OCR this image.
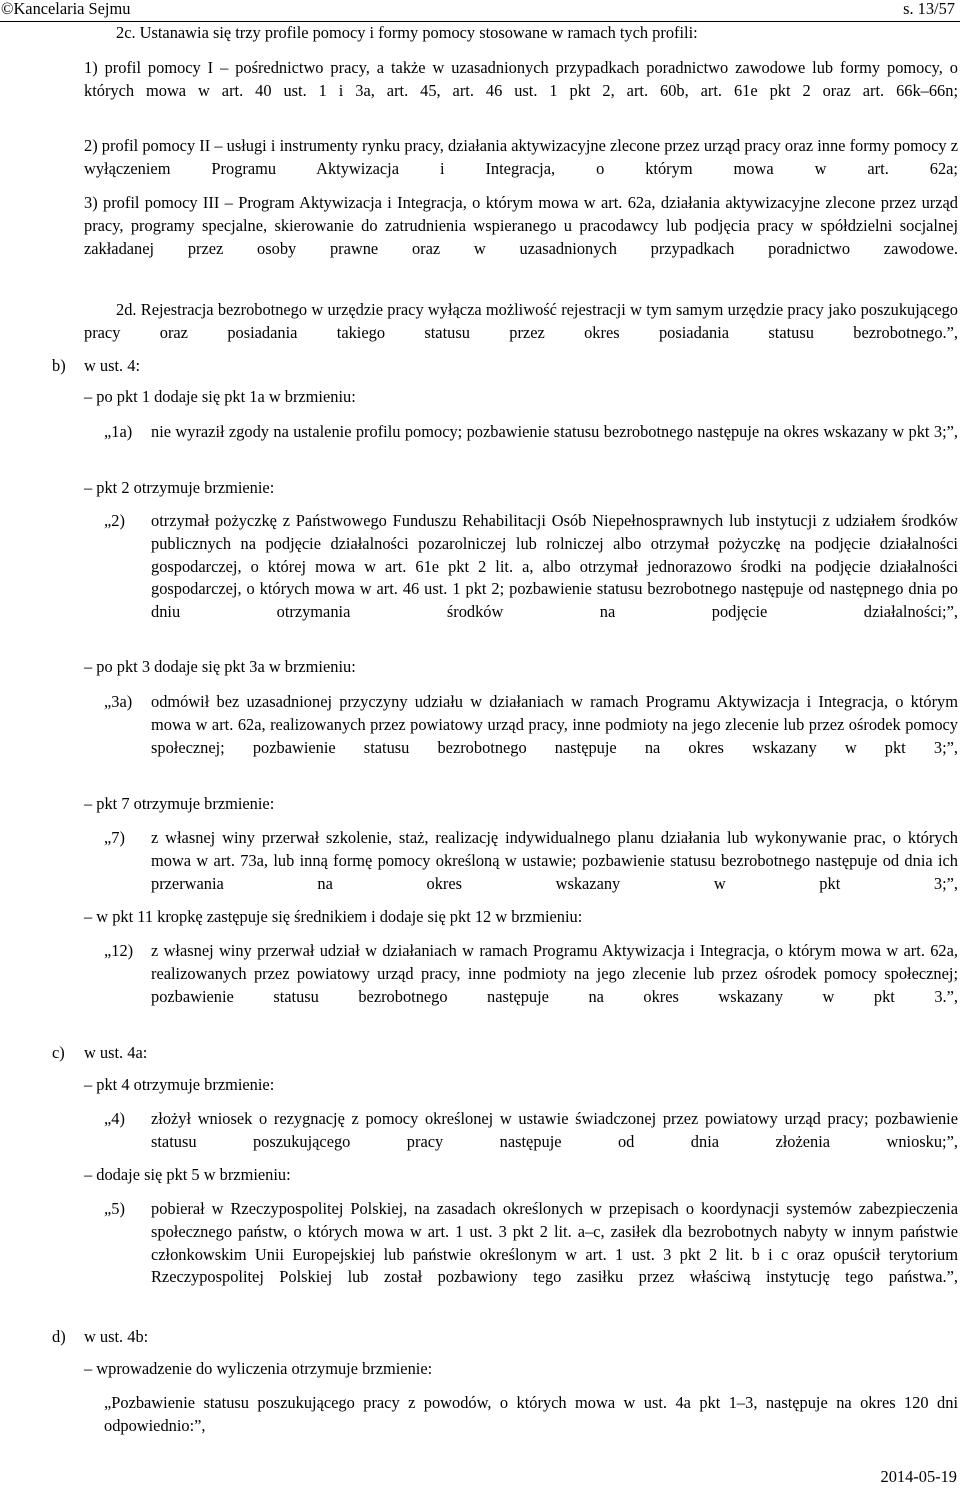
©Kancelaria Sejmu	s. 13/57

2c. Ustanawia się trzy profile pomocy i formy pomocy stosowane w ramach tych profili:

1) profil pomocy I – pośrednictwo pracy, a także w uzasadnionych przypadkach poradnictwo zawodowe lub formy pomocy, o których mowa w art. 40 ust. 1 i 3a, art. 45, art. 46 ust. 1 pkt 2, art. 60b, art. 61e pkt 2 oraz art. 66k–66n;

2) profil pomocy II – usługi i instrumenty rynku pracy, działania aktywizacyjne zlecone przez urząd pracy oraz inne formy pomocy z wyłączeniem Programu Aktywizacja i Integracja, o którym mowa w art. 62a;

3) profil pomocy III – Program Aktywizacja i Integracja, o którym mowa w art. 62a, działania aktywizacyjne zlecone przez urząd pracy, programy specjalne, skierowanie do zatrudnienia wspieranego u pracodawcy lub podjęcia pracy w spółdzielni socjalnej zakładanej przez osoby prawne oraz w uzasadnionych przypadkach poradnictwo zawodowe.

2d. Rejestracja bezrobotnego w urzędzie pracy wyłącza możliwość rejestracji w tym samym urzędzie pracy jako poszukującego pracy oraz posiadania takiego statusu przez okres posiadania statusu bezrobotnego.”,

b) w ust. 4:
– po pkt 1 dodaje się pkt 1a w brzmieniu:
„1a) nie wyraził zgody na ustalenie profilu pomocy; pozbawienie statusu bezrobotnego następuje na okres wskazany w pkt 3;”,

– pkt 2 otrzymuje brzmienie:
„2) otrzymał pożyczkę z Państwowego Funduszu Rehabilitacji Osób Niepełnosprawnych lub instytucji z udziałem środków publicznych na podjęcie działalności pozarolniczej lub rolniczej albo otrzymał pożyczkę na podjęcie działalności gospodarczej, o której mowa w art. 61e pkt 2 lit. a, albo otrzymał jednorazowo środki na podjęcie działalności gospodarczej, o których mowa w art. 46 ust. 1 pkt 2; pozbawienie statusu bezrobotnego następuje od następnego dnia po dniu otrzymania środków na podjęcie działalności;”,

– po pkt 3 dodaje się pkt 3a w brzmieniu:
„3a) odmówił bez uzasadnionej przyczyny udziału w działaniach w ramach Programu Aktywizacja i Integracja, o którym mowa w art. 62a, realizowanych przez powiatowy urząd pracy, inne podmioty na jego zlecenie lub przez ośrodek pomocy społecznej; pozbawienie statusu bezrobotnego następuje na okres wskazany w pkt 3;”,

– pkt 7 otrzymuje brzmienie:
„7) z własnej winy przerwał szkolenie, staż, realizację indywidualnego planu działania lub wykonywanie prac, o których mowa w art. 73a, lub inną formę pomocy określoną w ustawie; pozbawienie statusu bezrobotnego następuje od dnia ich przerwania na okres wskazany w pkt 3;”,

– w pkt 11 kropkę zastępuje się średnikiem i dodaje się pkt 12 w brzmieniu:
„12) z własnej winy przerwał udział w działaniach w ramach Programu Aktywizacja i Integracja, o którym mowa w art. 62a, realizowanych przez powiatowy urząd pracy, inne podmioty na jego zlecenie lub przez ośrodek pomocy społecznej; pozbawienie statusu bezrobotnego następuje na okres wskazany w pkt 3.”,

c) w ust. 4a:
– pkt 4 otrzymuje brzmienie:
„4) złożył wniosek o rezygnację z pomocy określonej w ustawie świadczonej przez powiatowy urząd pracy; pozbawienie statusu poszukującego pracy następuje od dnia złożenia wniosku;”,

– dodaje się pkt 5 w brzmieniu:
„5) pobierał w Rzeczypospolitej Polskiej, na zasadach określonych w przepisach o koordynacji systemów zabezpieczenia społecznego państw, o których mowa w art. 1 ust. 3 pkt 2 lit. a–c, zasiłek dla bezrobotnych nabyty w innym państwie członkowskim Unii Europejskiej lub państwie określonym w art. 1 ust. 3 pkt 2 lit. b i c oraz opuścił terytorium Rzeczypospolitej Polskiej lub został pozbawiony tego zasiłku przez właściwą instytucję tego państwa.”,

d) w ust. 4b:
– wprowadzenie do wyliczenia otrzymuje brzmienie:

„Pozbawienie statusu poszukującego pracy z powodów, o których mowa w ust. 4a pkt 1–3, następuje na okres 120 dni odpowiednio:”,

2014-05-19
